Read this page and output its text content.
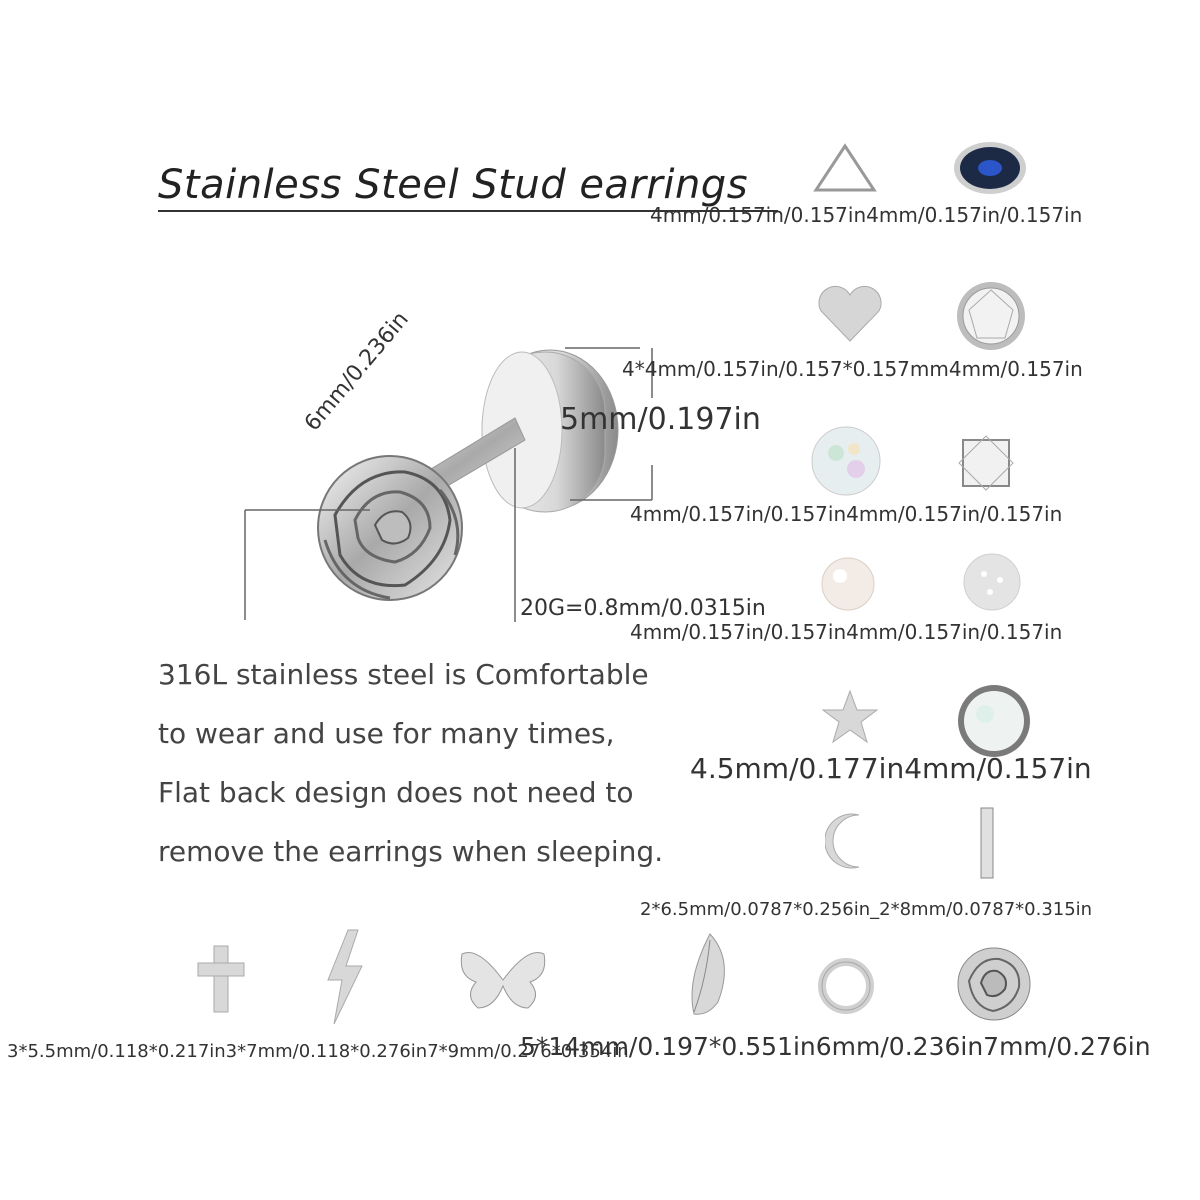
Stainless Steel Stud earrings
6mm/0.236in	5mm/0.197in
20G=0.8mm/0.0315in
316L stainless steel is Comfortable
to wear and use for many times,
Flat back design does not need to
remove the earrings when sleeping.
4mm/0.157in/0.157in4mm/0.157in/0.157in
4*4mm/0.157in/0.157*0.157mm4mm/0.157in
4mm/0.157in/0.157in4mm/0.157in/0.157in
4mm/0.157in/0.157in4mm/0.157in/0.157in
4.5mm/0.177in4mm/0.157in
2*6.5mm/0.0787*0.256in_2*8mm/0.0787*0.315in
3*5.5mm/0.118*0.217in3*7mm/0.118*0.276in7*9mm/0.276*0.354in
5*14mm/0.197*0.551in6mm/0.236in7mm/0.276in
